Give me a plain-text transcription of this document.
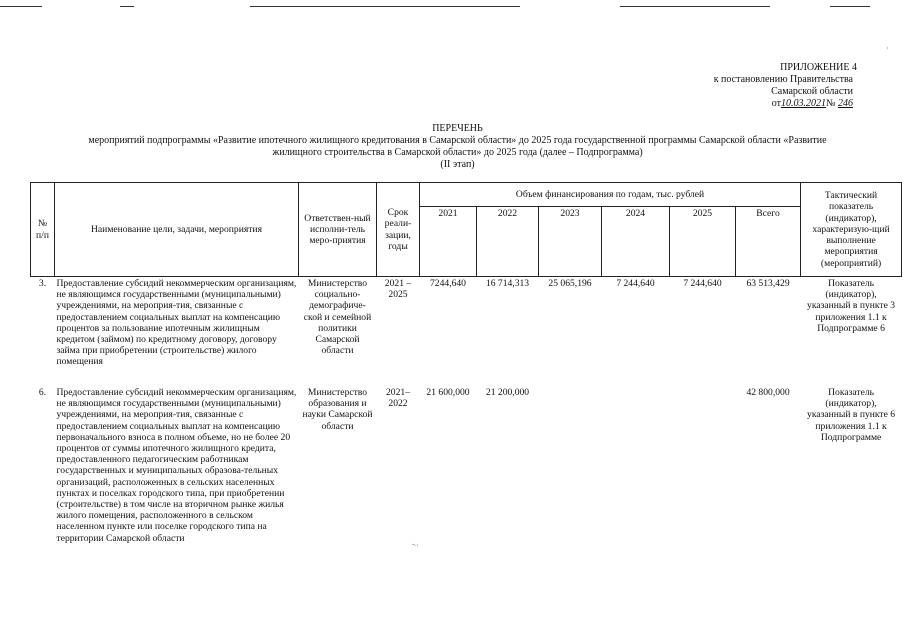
ПРИЛОЖЕНИЕ 4
к постановлению Правительства
Самарской области
от10.03.2021№ 246
ПЕРЕЧЕНЬ
мероприятий подпрограммы «Развитие ипотечного жилищного кредитования в Самарской области» до 2025 года государственной программы Самарской области «Развитие
жилищного строительства в Самарской области» до 2025 года (далее – Подпрограмма)
(II этап)
№ п/п	Наименование цели, задачи, мероприятия	Ответствен-ный исполни-тель меро-приятия	Срок реали-зации, годы	Объем финансирования по годам, тыс. рублей						Тактический показатель (индикатор), характеризую-щий выполнение мероприятия (мероприятий)
				2021	2022	2023	2024	2025	Всего	
3.	Предоставление субсидий некоммерческим организациям, не являющимся государственными (муниципальными) учреждениями, на мероприя-тия, связанные с предоставлением социальных выплат на компенсацию процентов за пользование ипотечным жилищным кредитом (займом) по кредитному договору, договору займа при приобретении (строительстве) жилого помещения	Министерство социально-демографиче-ской и семейной политики Самарской области	2021 – 2025	7244,640	16 714,313	25 065,196	7 244,640	7 244,640	63 513,429	Показатель (индикатор), указанный в пункте 3 приложения 1.1 к Подпрограмме 6
6.	Предоставление субсидий некоммерческим организациям, не являющимся государственными (муниципальными) учреждениями, на мероприя-тия, связанные с предоставлением социальных выплат на компенсацию первоначального взноса в полном объеме, но не более 20 процентов от суммы ипотечного жилищного кредита, предоставленного педагогическим работникам государственных и муниципальных образова-тельных организаций, расположенных в сельских населенных пунктах и поселках городского типа, при приобретении (строительстве) в том числе на вторичном рынке жилья жилого помещения, расположенного в сельском населенном пункте или поселке городского типа на территории Самарской области	Министерство образования и науки Самарской области	2021– 2022	21 600,000	21 200,000				42 800,000	Показатель (индикатор), указанный в пункте 6 приложения 1.1 к Подпрограмме
·
–·
